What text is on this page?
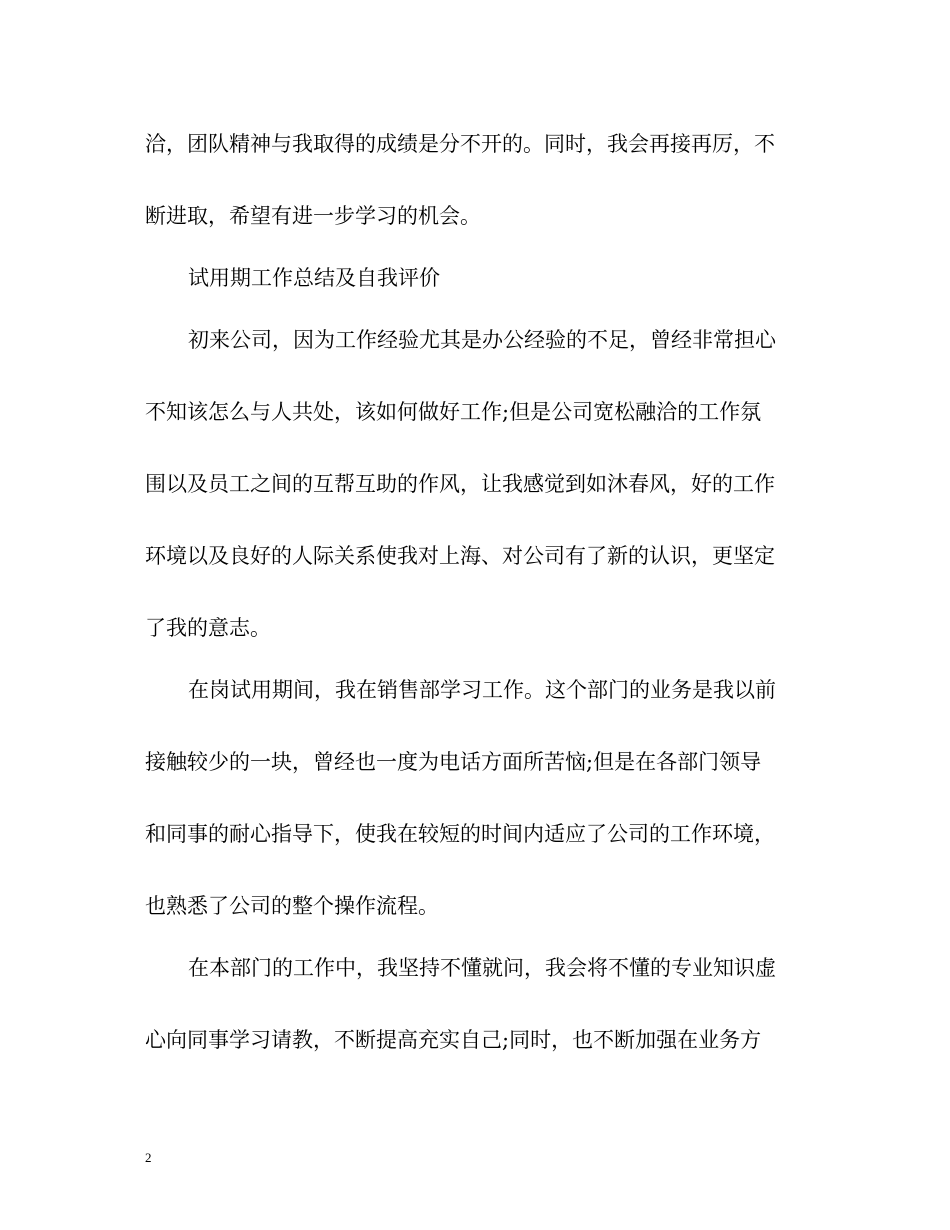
洽，团队精神与我取得的成绩是分不开的。同时，我会再接再厉，不

断进取，希望有进一步学习的机会。

试用期工作总结及自我评价

初来公司，因为工作经验尤其是办公经验的不足，曾经非常担心

不知该怎么与人共处，该如何做好工作;但是公司宽松融洽的工作氛

围以及员工之间的互帮互助的作风，让我感觉到如沐春风，好的工作

环境以及良好的人际关系使我对上海、对公司有了新的认识，更坚定

了我的意志。

在岗试用期间，我在销售部学习工作。这个部门的业务是我以前

接触较少的一块，曾经也一度为电话方面所苦恼;但是在各部门领导

和同事的耐心指导下，使我在较短的时间内适应了公司的工作环境，

也熟悉了公司的整个操作流程。

在本部门的工作中，我坚持不懂就问，我会将不懂的专业知识虚

心向同事学习请教，不断提高充实自己;同时，也不断加强在业务方

2
